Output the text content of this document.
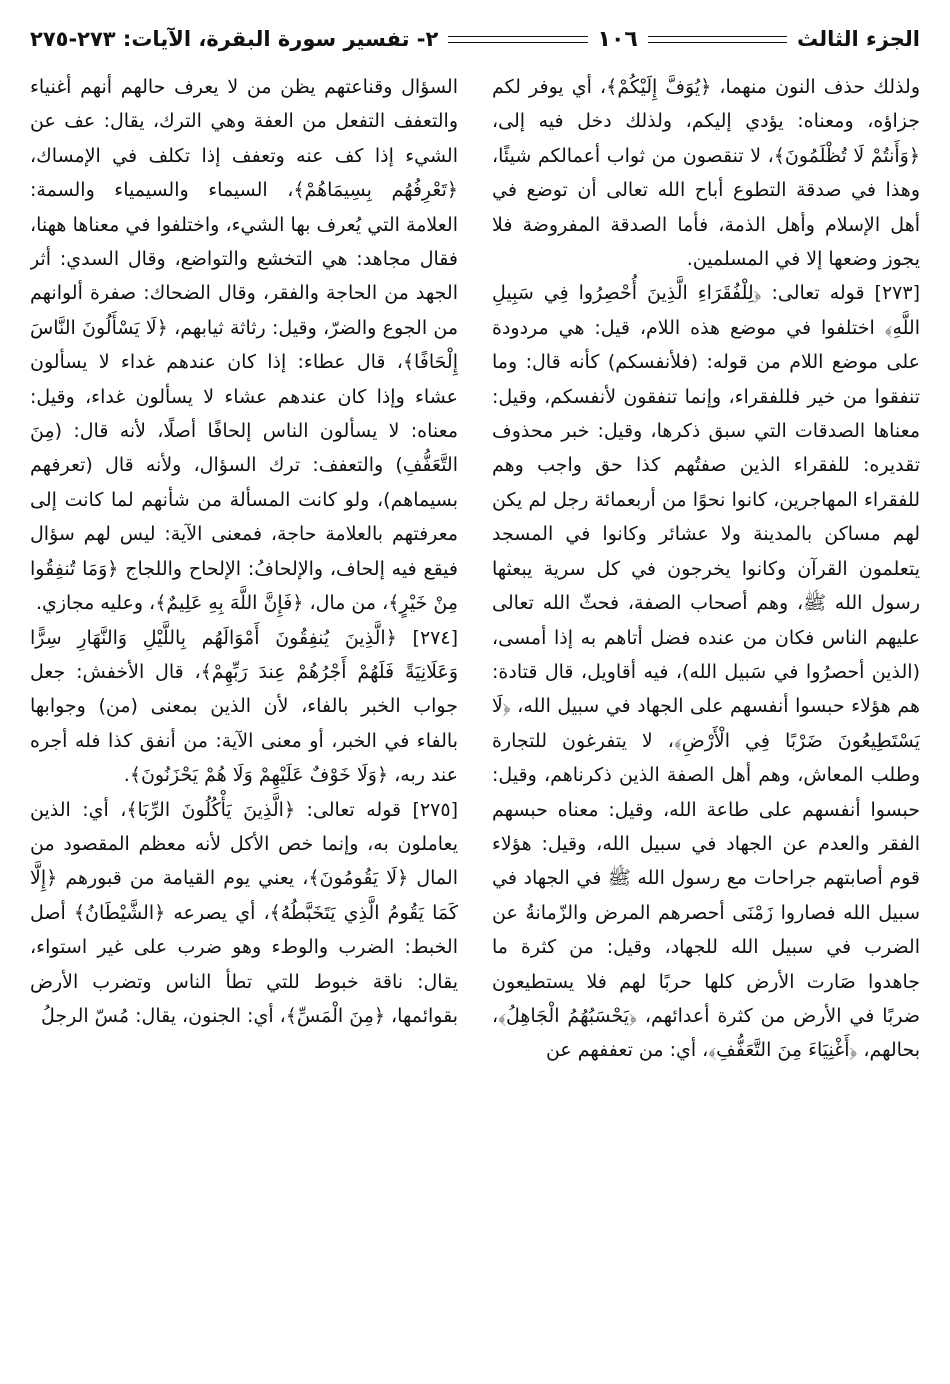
الجزء الثالث
١٠٦
٢- تفسير سورة البقرة، الآيات: ٢٧٣-٢٧٥

ولذلك حذف النون منهما، ﴿يُوَفَّ إِلَيْكُمْ﴾، أي يوفر لكم جزاؤه، ومعناه: يؤدي إليكم، ولذلك دخل فيه إلى، ﴿وَأَنتُمْ لَا تُظْلَمُونَ﴾، لا تنقصون من ثواب أعمالكم شيئًا، وهذا في صدقة التطوع أباح الله تعالى أن توضع في أهل الإسلام وأهل الذمة، فأما الصدقة المفروضة فلا يجوز وضعها إلا في المسلمين.

[٢٧٣] قوله تعالى: ﴿لِلْفُقَرَاءِ الَّذِينَ أُحْصِرُوا فِي سَبِيلِ اللَّهِ﴾ اختلفوا في موضع هذه اللام، قيل: هي مردودة على موضع اللام من قوله: (فلأنفسكم) كأنه قال: وما تنفقوا من خير فللفقراء، وإنما تنفقون لأنفسكم، وقيل: معناها الصدقات التي سبق ذكرها، وقيل: خبر محذوف تقديره: للفقراء الذين صفتُهم كذا حق واجب وهم للفقراء المهاجرين، كانوا نحوًا من أربعمائة رجل لم يكن لهم مساكن بالمدينة ولا عشائر وكانوا في المسجد يتعلمون القرآن وكانوا يخرجون في كل سرية يبعثها رسول الله ﷺ، وهم أصحاب الصفة، فحثّ الله تعالى عليهم الناس فكان من عنده فضل أتاهم به إذا أمسى، (الذين أحصرُوا في سَبيل الله)، فيه أقاويل، قال قتادة: هم هؤلاء حبسوا أنفسهم على الجهاد في سبيل الله، ﴿لَا يَسْتَطِيعُونَ ضَرْبًا فِي الْأَرْضِ﴾، لا يتفرغون للتجارة وطلب المعاش، وهم أهل الصفة الذين ذكرناهم، وقيل: حبسوا أنفسهم على طاعة الله، وقيل: معناه حبسهم الفقر والعدم عن الجهاد في سبيل الله، وقيل: هؤلاء قوم أصابتهم جراحات مع رسول الله ﷺ في الجهاد في سبيل الله فصاروا زَمْنَى أحصرهم المرض والزّمانةُ عن الضرب في سبيل الله للجهاد، وقيل: من كثرة ما جاهدوا صَارت الأرض كلها حربًا لهم فلا يستطيعون ضربًا في الأرض من كثرة أعدائهم، ﴿يَحْسَبُهُمُ الْجَاهِلُ﴾، بحالهم، ﴿أَغْنِيَاءَ مِنَ التَّعَفُّفِ﴾، أي: من تعففهم عن

السؤال وقناعتهم يظن من لا يعرف حالهم أنهم أغنياء والتعفف التفعل من العفة وهي الترك، يقال: عف عن الشيء إذا كف عنه وتعفف إذا تكلف في الإمساك، ﴿تَعْرِفُهُم بِسِيمَاهُمْ﴾، السيماء والسيمياء والسمة: العلامة التي يُعرف بها الشيء، واختلفوا في معناها ههنا، فقال مجاهد: هي التخشع والتواضع، وقال السدي: أثر الجهد من الحاجة والفقر، وقال الضحاك: صفرة ألوانهم من الجوع والضرّ، وقيل: رثاثة ثيابهم، ﴿لَا يَسْأَلُونَ النَّاسَ إِلْحَافًا﴾، قال عطاء: إذا كان عندهم غداء لا يسألون عشاء وإذا كان عندهم عشاء لا يسألون غداء، وقيل: معناه: لا يسألون الناس إلحافًا أصلًا، لأنه قال: (مِنَ التَّعَفُّفِ) والتعفف: ترك السؤال، ولأنه قال (تعرفهم بسيماهم)، ولو كانت المسألة من شأنهم لما كانت إلى معرفتهم بالعلامة حاجة، فمعنى الآية: ليس لهم سؤال فيقع فيه إلحاف، والإلحافُ: الإلحاح واللجاج ﴿وَمَا تُنفِقُوا مِنْ خَيْرٍ﴾، من مال، ﴿فَإِنَّ اللَّهَ بِهِ عَلِيمٌ﴾، وعليه مجازي.

[٢٧٤] ﴿الَّذِينَ يُنفِقُونَ أَمْوَالَهُم بِاللَّيْلِ وَالنَّهَارِ سِرًّا وَعَلَانِيَةً فَلَهُمْ أَجْرُهُمْ عِندَ رَبِّهِمْ﴾، قال الأخفش: جعل جواب الخبر بالفاء، لأن الذين بمعنى (من) وجوابها بالفاء في الخبر، أو معنى الآية: من أنفق كذا فله أجره عند ربه، ﴿وَلَا خَوْفٌ عَلَيْهِمْ وَلَا هُمْ يَحْزَنُونَ﴾.

[٢٧٥] قوله تعالى: ﴿الَّذِينَ يَأْكُلُونَ الرِّبَا﴾، أي: الذين يعاملون به، وإنما خص الأكل لأنه معظم المقصود من المال ﴿لَا يَقُومُونَ﴾، يعني يوم القيامة من قبورهم ﴿إِلَّا كَمَا يَقُومُ الَّذِي يَتَخَبَّطُهُ﴾، أي يصرعه ﴿الشَّيْطَانُ﴾ أصل الخبط: الضرب والوطء وهو ضرب على غير استواء، يقال: ناقة خبوط للتي تطأ الناس وتضرب الأرض بقوائمها، ﴿مِنَ الْمَسِّ﴾، أي: الجنون، يقال: مُسّ الرجلُ
